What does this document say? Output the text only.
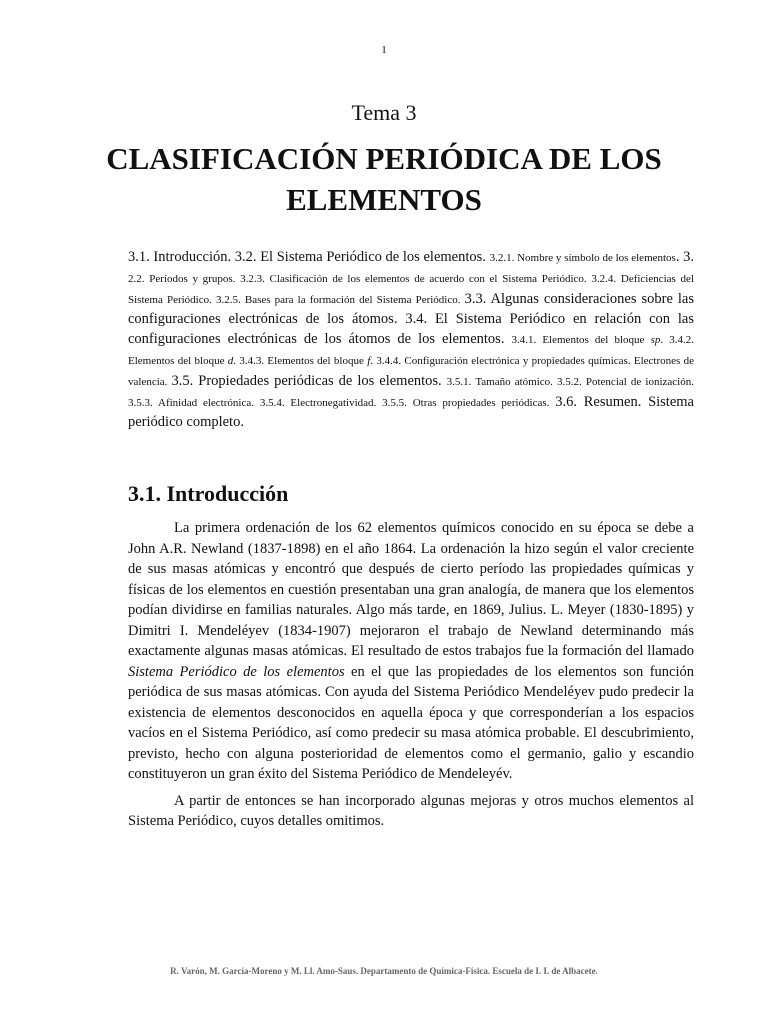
1
Tema 3
CLASIFICACIÓN PERIÓDICA DE LOS
ELEMENTOS
3.1. Introducción. 3.2. El Sistema Periódico de los elementos. 3.2.1. Nombre y símbolo de los elementos. 3. 2.2. Períodos y grupos. 3.2.3. Clasificación de los elementos de acuerdo con el Sistema Periódico. 3.2.4. Deficiencias del Sistema Periódico. 3.2.5. Bases para la formación del Sistema Periódico. 3.3. Algunas consideraciones sobre las configuraciones electrónicas de los átomos. 3.4. El Sistema Periódico en relación con las configuraciones electrónicas de los átomos de los elementos. 3.4.1. Elementos del bloque sp. 3.4.2. Elementos del bloque d. 3.4.3. Elementos del bloque f. 3.4.4. Configuración electrónica y propiedades químicas. Electrones de valencia. 3.5. Propiedades periódicas de los elementos. 3.5.1. Tamaño atómico. 3.5.2. Potencial de ionización. 3.5.3. Afinidad electrónica. 3.5.4. Electronegatividad. 3.5.5. Otras propiedades periódicas. 3.6. Resumen. Sistema periódico completo.
3.1. Introducción

La primera ordenación de los 62 elementos químicos conocido en su época se debe a John A.R. Newland (1837-1898) en el año 1864. La ordenación la hizo según el valor creciente de sus masas atómicas y encontró que después de cierto período las propiedades químicas y físicas de los elementos en cuestión presentaban una gran analogía, de manera que los elementos podían dividirse en familias naturales. Algo más tarde, en 1869, Julius. L. Meyer (1830-1895) y Dimitri I. Mendeléyev (1834-1907) mejoraron el trabajo de Newland determinando más exactamente algunas masas atómicas. El resultado de estos trabajos fue la formación del llamado Sistema Periódico de los elementos en el que las propiedades de los elementos son función periódica de sus masas atómicas. Con ayuda del Sistema Periódico Mendeléyev pudo predecir la existencia de elementos desconocidos en aquella época y que corresponderían a los espacios vacíos en el Sistema Periódico, así como predecir su masa atómica probable. El descubrimiento, previsto, hecho con alguna posterioridad de elementos como el germanio, galio y escandio constituyeron un gran éxito del Sistema Periódico de Mendeleyév.

A partir de entonces se han incorporado algunas mejoras y otros muchos elementos al Sistema Periódico, cuyos detalles omitimos.

R. Varón, M. García-Moreno y M. Ll. Amo-Saus. Departamento de Química-Física. Escuela de I. I. de Albacete.
